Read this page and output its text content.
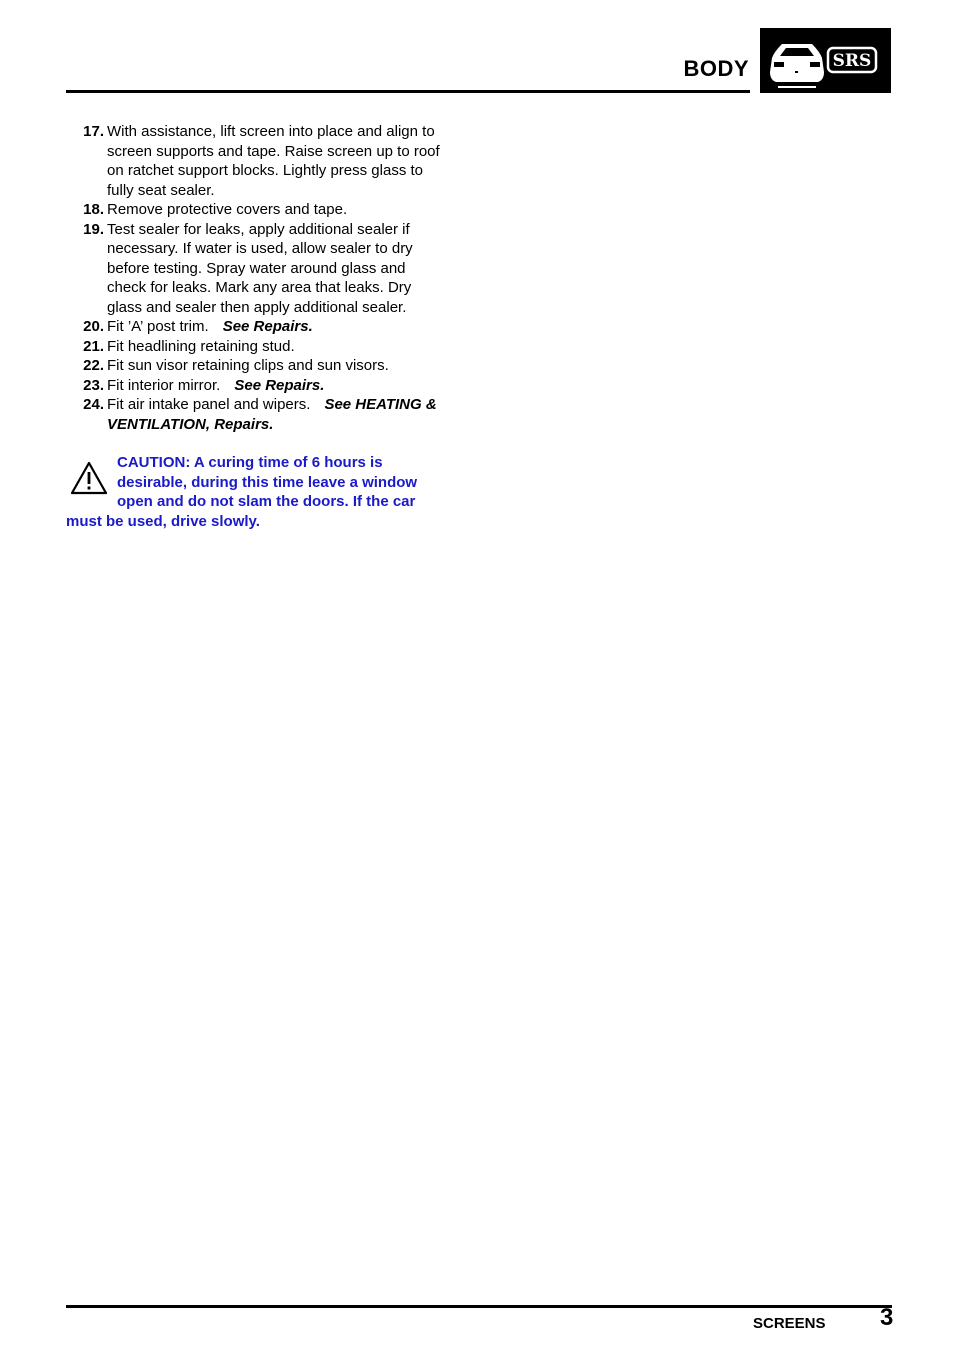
BODY	SRS
17. With assistance, lift screen into place and align to screen supports and tape. Raise screen up to roof on ratchet support blocks. Lightly press glass to fully seat sealer.
18. Remove protective covers and tape.
19. Test sealer for leaks, apply additional sealer if necessary. If water is used, allow sealer to dry before testing. Spray water around glass and check for leaks. Mark any area that leaks. Dry glass and sealer then apply additional sealer.
20. Fit ’A’ post trim. See Repairs.
21. Fit headlining retaining stud.
22. Fit sun visor retaining clips and sun visors.
23. Fit interior mirror. See Repairs.
24. Fit air intake panel and wipers. See HEATING & VENTILATION, Repairs.
CAUTION: A curing time of 6 hours is
desirable, during this time leave a window
open and do not slam the doors. If the car
must be used, drive slowly.
SCREENS 3
